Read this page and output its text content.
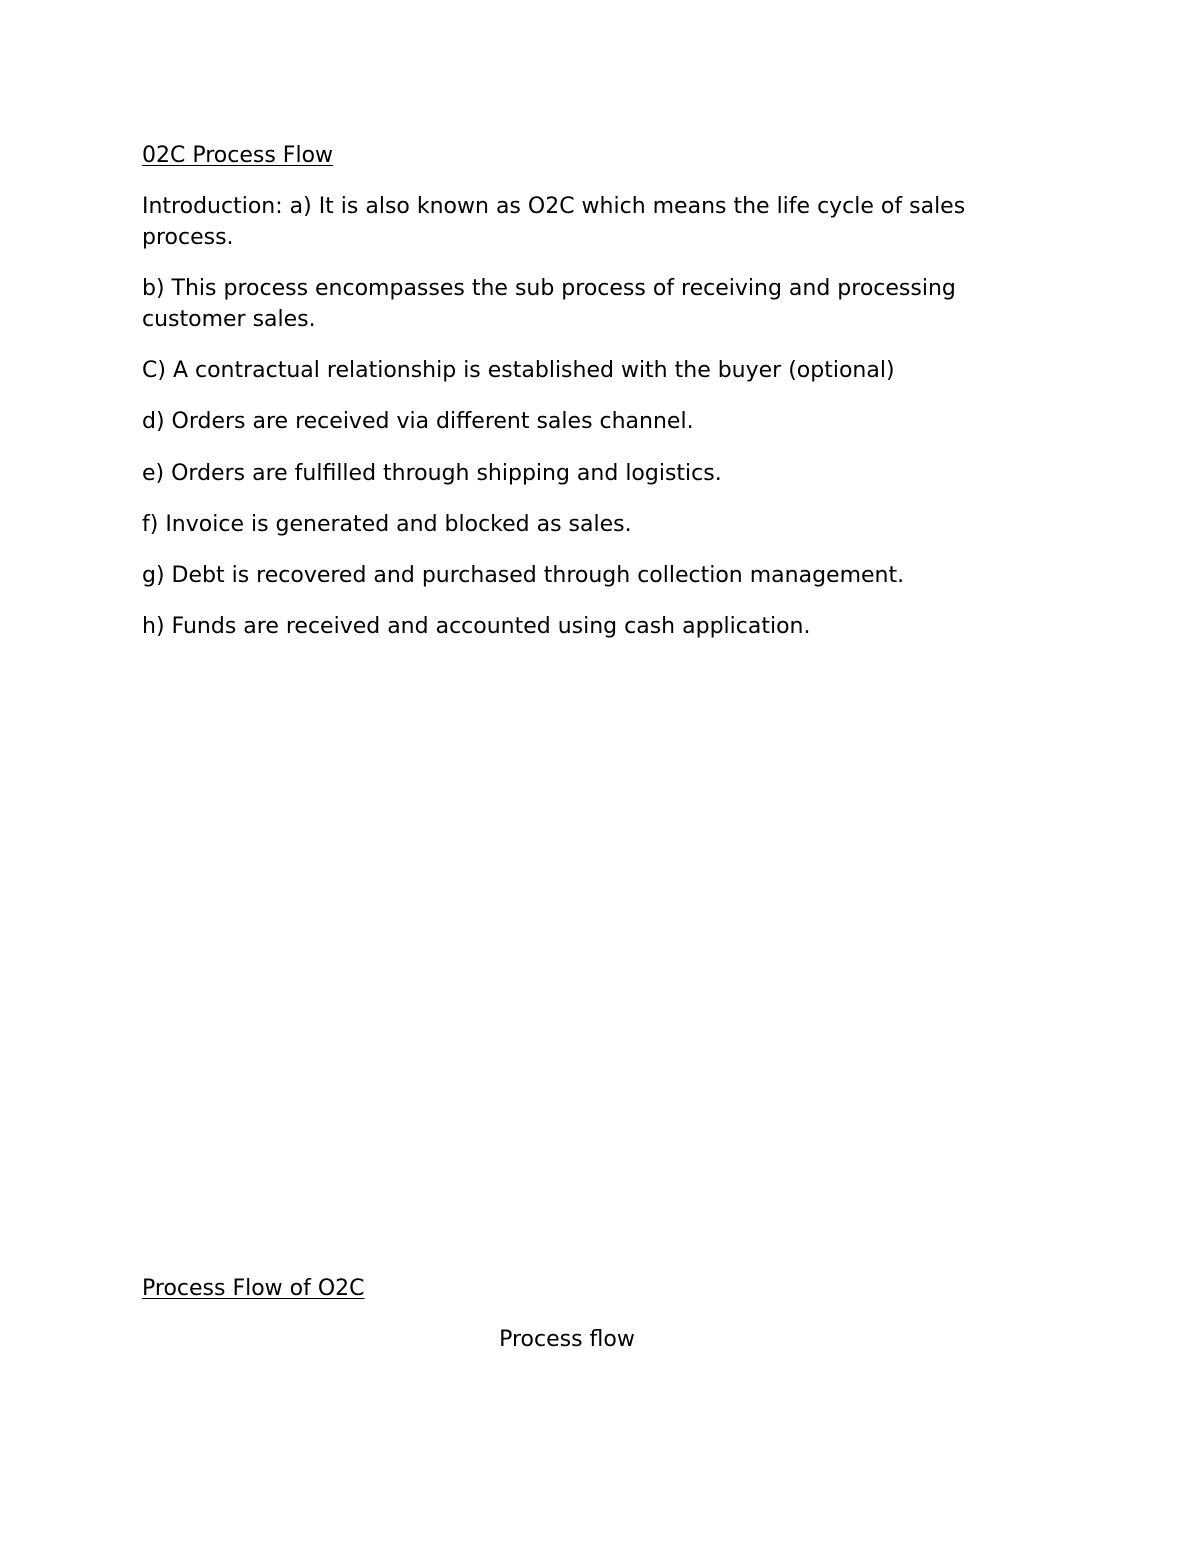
02C Process Flow

Introduction: a) It is also known as O2C which means the life cycle of sales process.

b) This process encompasses the sub process of receiving and processing customer sales.

C) A contractual relationship is established with the buyer (optional)

d) Orders are received via different sales channel.

e) Orders are fulfilled through shipping and logistics.

f) Invoice is generated and blocked as sales.

g) Debt is recovered and purchased through collection management.

h) Funds are received and accounted using cash application.

Process Flow of O2C

Process flow
